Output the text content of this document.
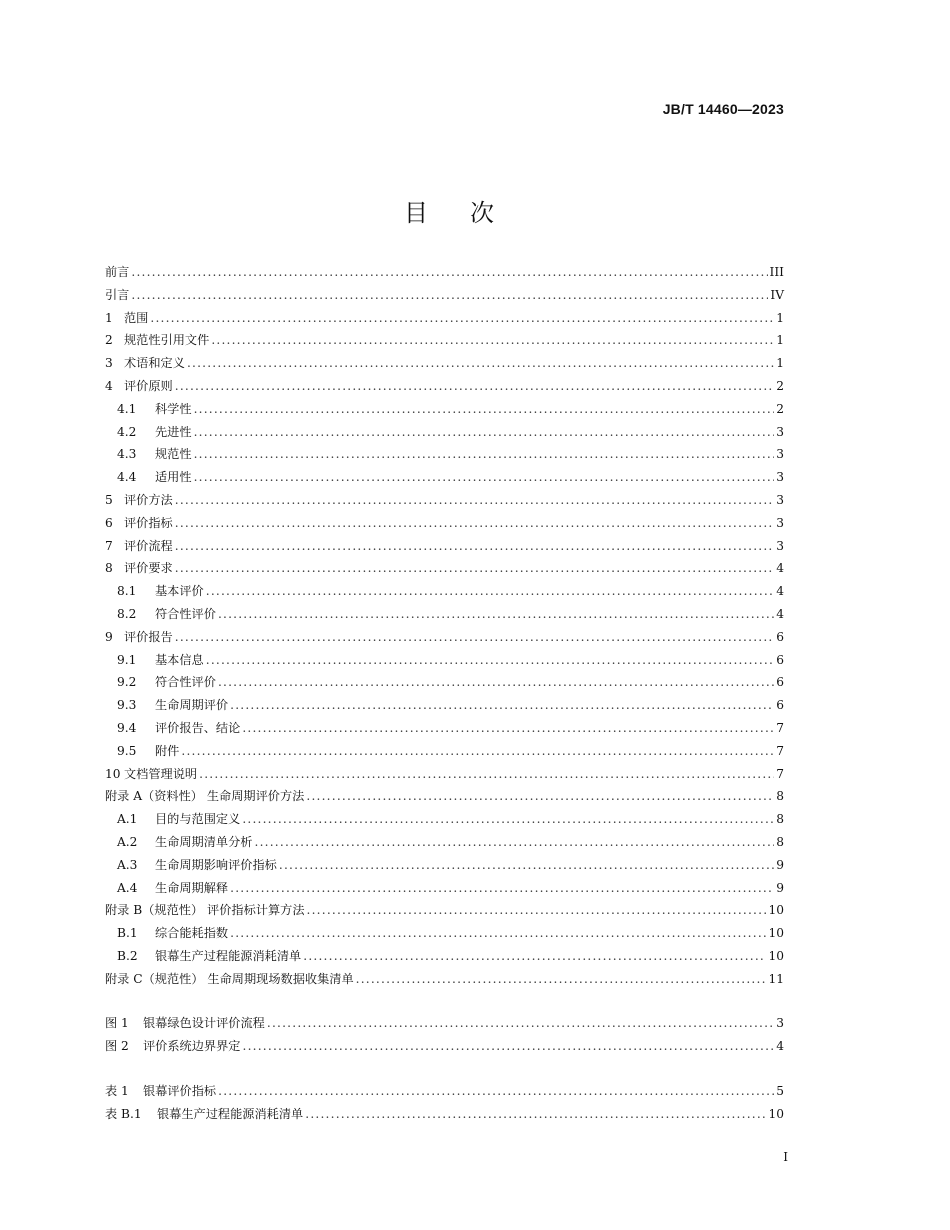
JB/T 14460—2023
目 次
前言 .....	III
引言 .....	IV
1 范围 .....	1
2 规范性引用文件 .....	1
3 术语和定义 .....	1
4 评价原则 .....	2
4.1	科学性 .....	2
4.2	先进性 .....	3
4.3	规范性 .....	3
4.4	适用性 .....	3
5 评价方法 .....	3
6 评价指标 .....	3
7 评价流程 .....	3
8 评价要求 .....	4
8.1	基本评价 .....	4
8.2	符合性评价 .....	4
9 评价报告 .....	6
9.1	基本信息 .....	6
9.2	符合性评价 .....	6
9.3	生命周期评价 .....	6
9.4	评价报告、结论 .....	7
9.5	附件 .....	7
10 文档管理说明 .....	7
附录 A（资料性） 生命周期评价方法 .....	8
A.1	目的与范围定义 .....	8
A.2	生命周期清单分析 .....	8
A.3	生命周期影响评价指标 .....	9
A.4	生命周期解释 .....	9
附录 B（规范性） 评价指标计算方法 .....	10
B.1	综合能耗指数 .....	10
B.2	银幕生产过程能源消耗清单 .....	10
附录 C（规范性） 生命周期现场数据收集清单 .....	11
图 1	银幕绿色设计评价流程 .....	3
图 2	评价系统边界界定 .....	4
表 1	银幕评价指标 .....	5
表 B.1	银幕生产过程能源消耗清单 .....	10
I
